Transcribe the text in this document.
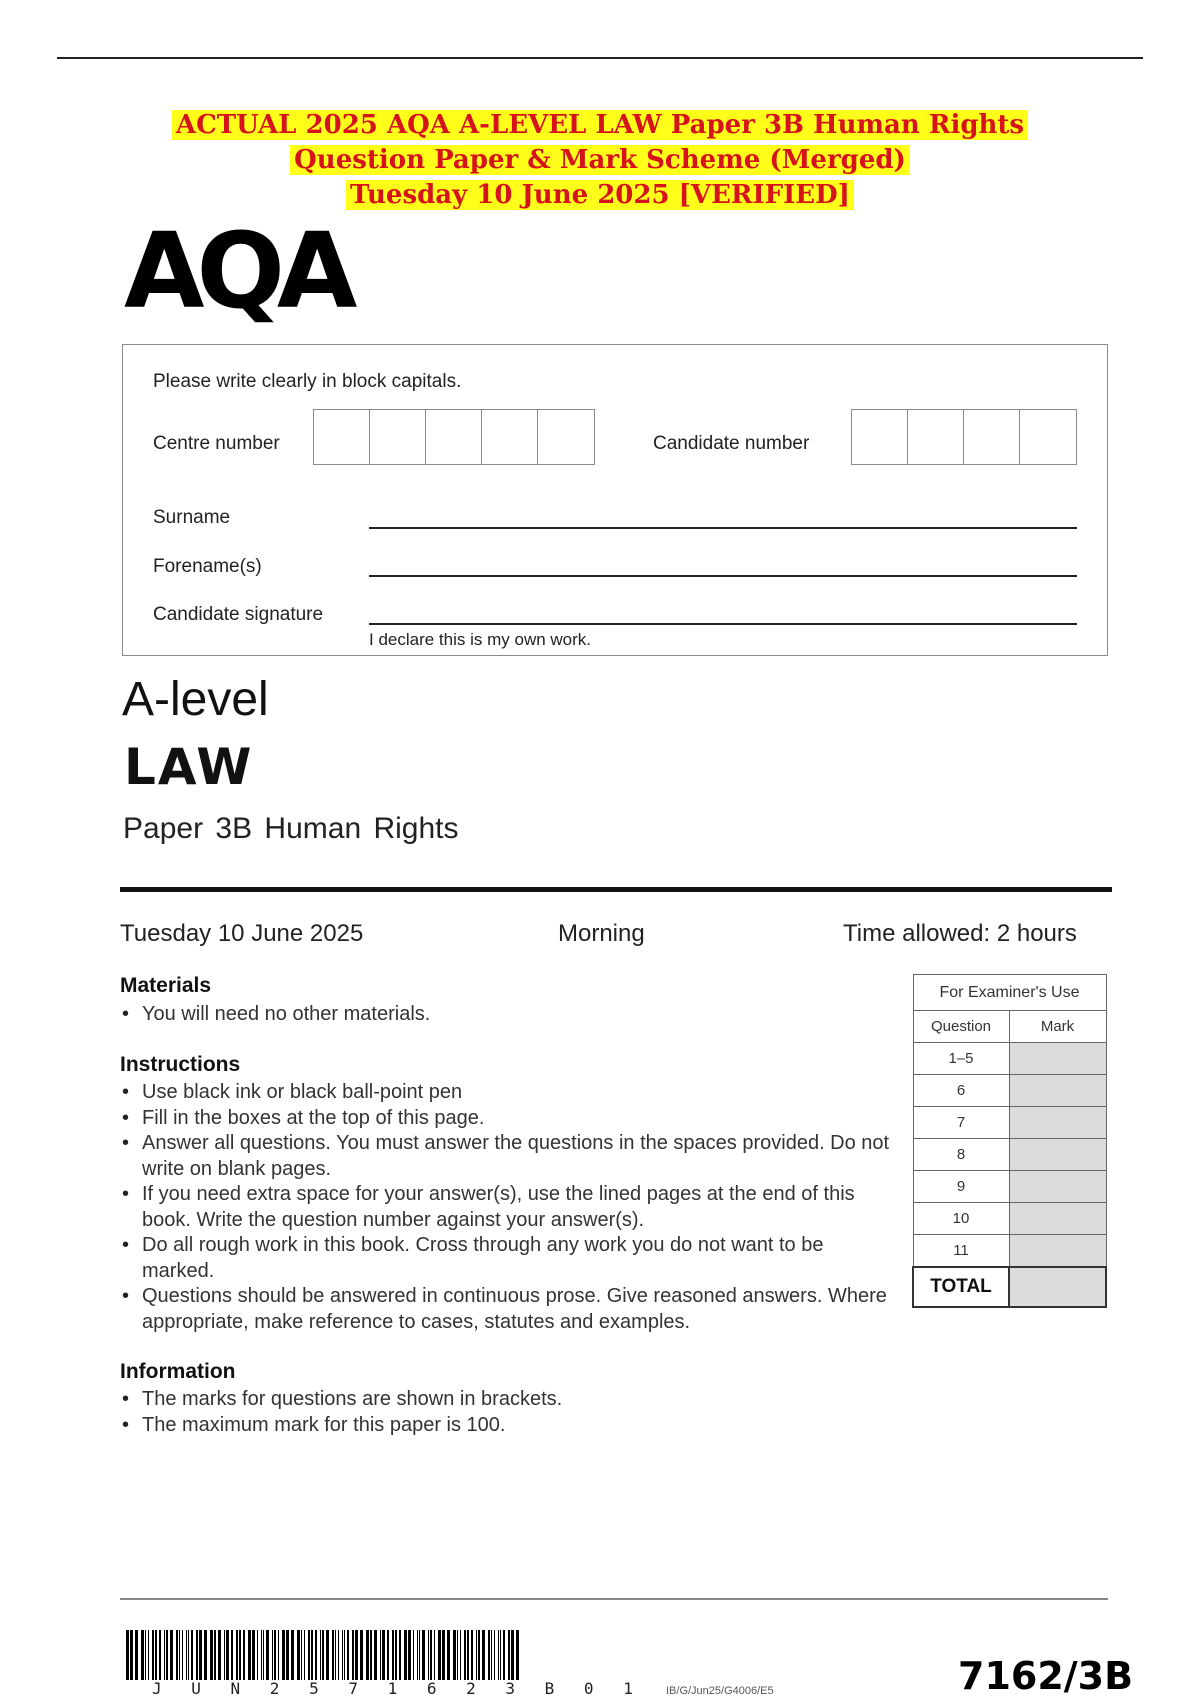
ACTUAL 2025 AQA A-LEVEL LAW Paper 3B Human Rights
Question Paper & Mark Scheme (Merged)
Tuesday 10 June 2025 [VERIFIED]
AQA
Please write clearly in block capitals.
Centre number	Candidate number
Surname
Forename(s)
Candidate signature
I declare this is my own work.
A-level
LAW
Paper 3B Human Rights
Tuesday 10 June 2025	Morning	Time allowed: 2 hours
Materials
• You will need no other materials.
Instructions
• Use black ink or black ball-point pen
• Fill in the boxes at the top of this page.
• Answer all questions. You must answer the questions in the spaces provided. Do not write on blank pages.
• If you need extra space for your answer(s), use the lined pages at the end of this book. Write the question number against your answer(s).
• Do all rough work in this book. Cross through any work you do not want to be marked.
• Questions should be answered in continuous prose. Give reasoned answers. Where appropriate, make reference to cases, statutes and examples.
Information
• The marks for questions are shown in brackets.
• The maximum mark for this paper is 100.
For Examiner's Use	
Question	Mark
1–5	
6	
7	
8	
9	
10	
11	
TOTAL	
J U N 2 5 7 1 6 2 3 B 0 1 IB/G/Jun25/G4006/E5	7162/3B
